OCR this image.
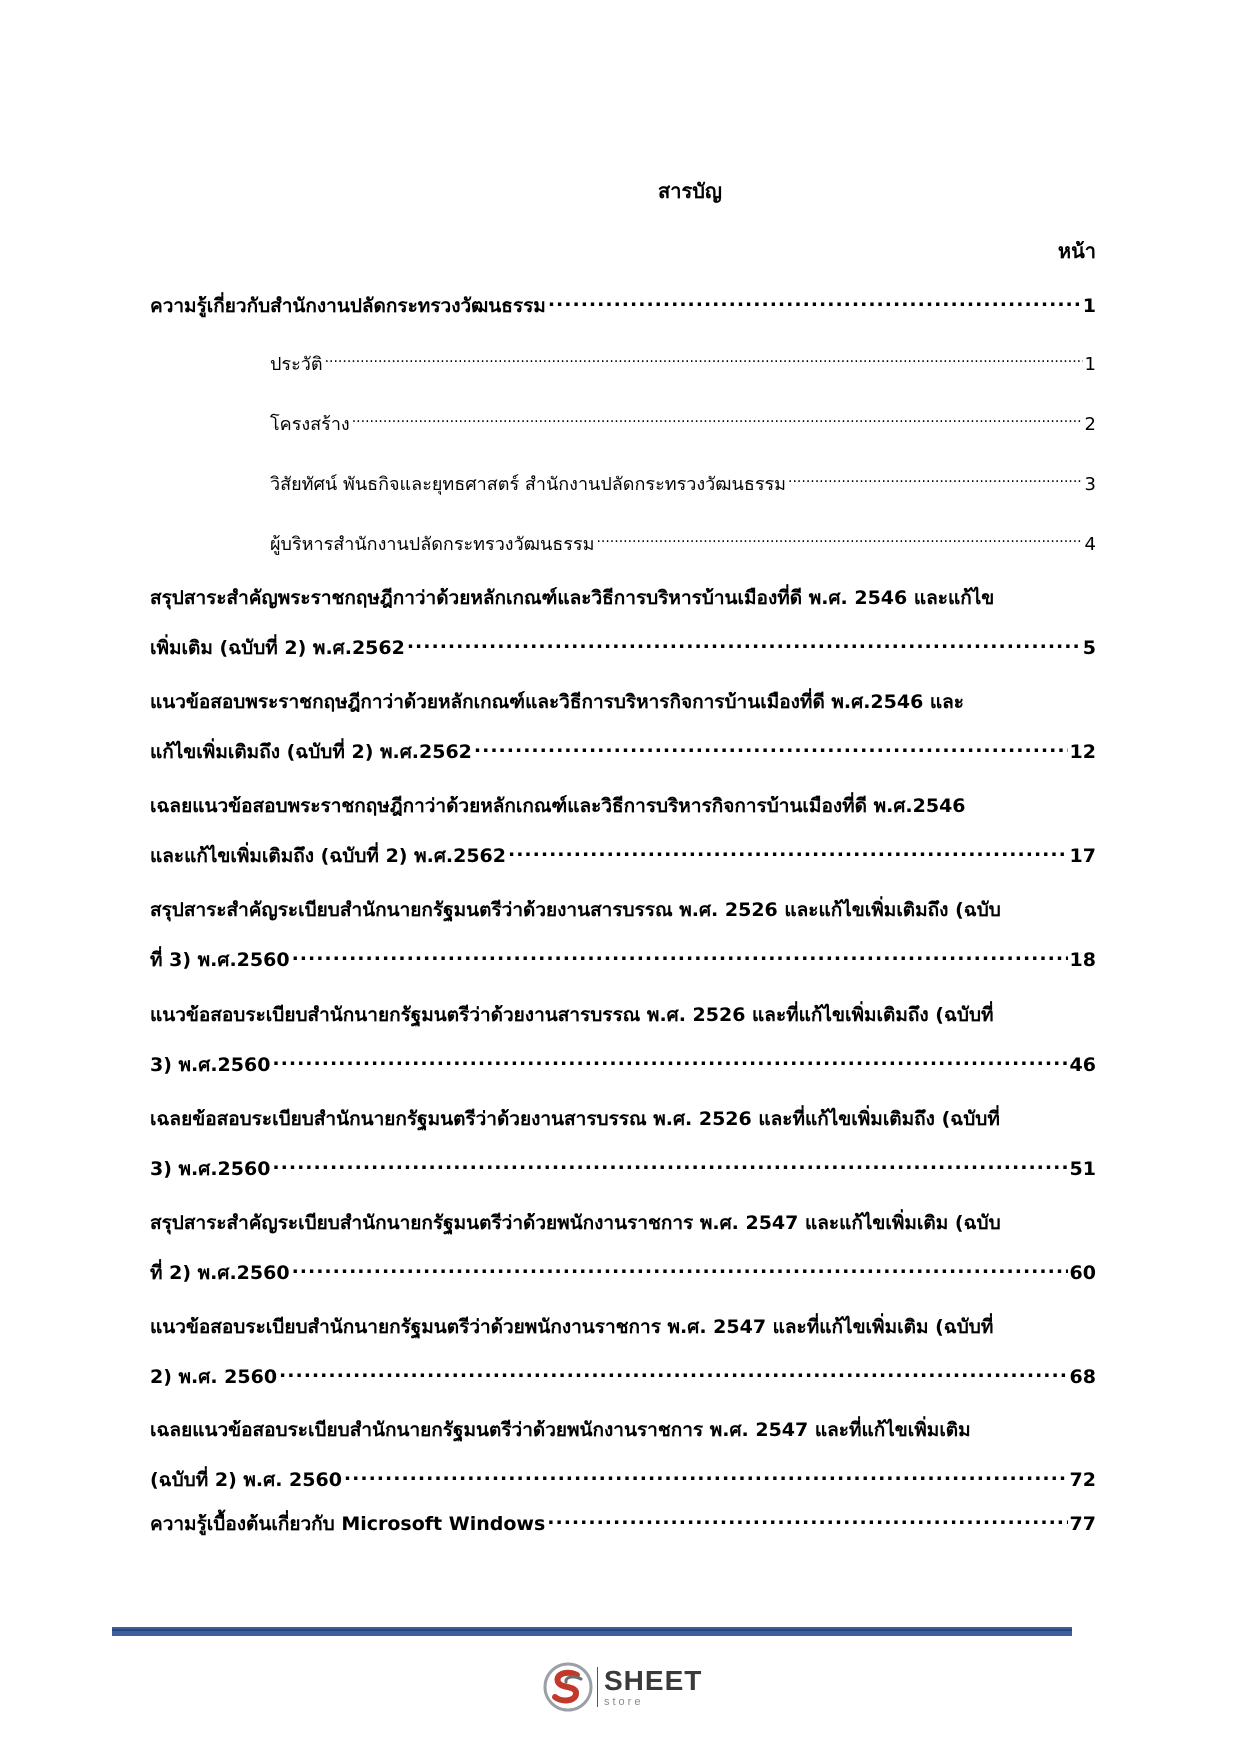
สารบัญ
หน้า
ความรู้เกี่ยวกับสำนักงานปลัดกระทรวงวัฒนธรรม .....	1
ประวัติ .....	1
โครงสร้าง .....	2
วิสัยทัศน์ พันธกิจและยุทธศาสตร์ สำนักงานปลัดกระทรวงวัฒนธรรม .....	3
ผู้บริหารสำนักงานปลัดกระทรวงวัฒนธรรม .....	4
สรุปสาระสำคัญพระราชกฤษฎีกาว่าด้วยหลักเกณฑ์และวิธีการบริหารบ้านเมืองที่ดี พ.ศ. 2546 และแก้ไข
เพิ่มเติม (ฉบับที่ 2) พ.ศ.2562 .....	5
แนวข้อสอบพระราชกฤษฎีกาว่าด้วยหลักเกณฑ์และวิธีการบริหารกิจการบ้านเมืองที่ดี พ.ศ.2546 และ
แก้ไขเพิ่มเติมถึง (ฉบับที่ 2) พ.ศ.2562 .....	12
เฉลยแนวข้อสอบพระราชกฤษฎีกาว่าด้วยหลักเกณฑ์และวิธีการบริหารกิจการบ้านเมืองที่ดี พ.ศ.2546
และแก้ไขเพิ่มเติมถึง (ฉบับที่ 2) พ.ศ.2562 .....	17
สรุปสาระสำคัญระเบียบสำนักนายกรัฐมนตรีว่าด้วยงานสารบรรณ พ.ศ. 2526 และแก้ไขเพิ่มเติมถึง (ฉบับ
ที่ 3) พ.ศ.2560 .....	18
แนวข้อสอบระเบียบสำนักนายกรัฐมนตรีว่าด้วยงานสารบรรณ พ.ศ. 2526 และที่แก้ไขเพิ่มเติมถึง (ฉบับที่
3) พ.ศ.2560 .....	46
เฉลยข้อสอบระเบียบสำนักนายกรัฐมนตรีว่าด้วยงานสารบรรณ พ.ศ. 2526 และที่แก้ไขเพิ่มเติมถึง (ฉบับที่
3) พ.ศ.2560 .....	51
สรุปสาระสำคัญระเบียบสำนักนายกรัฐมนตรีว่าด้วยพนักงานราชการ พ.ศ. 2547 และแก้ไขเพิ่มเติม (ฉบับ
ที่ 2) พ.ศ.2560 .....	60
แนวข้อสอบระเบียบสำนักนายกรัฐมนตรีว่าด้วยพนักงานราชการ พ.ศ. 2547 และที่แก้ไขเพิ่มเติม (ฉบับที่
2) พ.ศ. 2560 .....	68
เฉลยแนวข้อสอบระเบียบสำนักนายกรัฐมนตรีว่าด้วยพนักงานราชการ พ.ศ. 2547 และที่แก้ไขเพิ่มเติม
(ฉบับที่ 2) พ.ศ. 2560 .....	72
ความรู้เบื้องต้นเกี่ยวกับ Microsoft Windows .....	77
SHEET
store
